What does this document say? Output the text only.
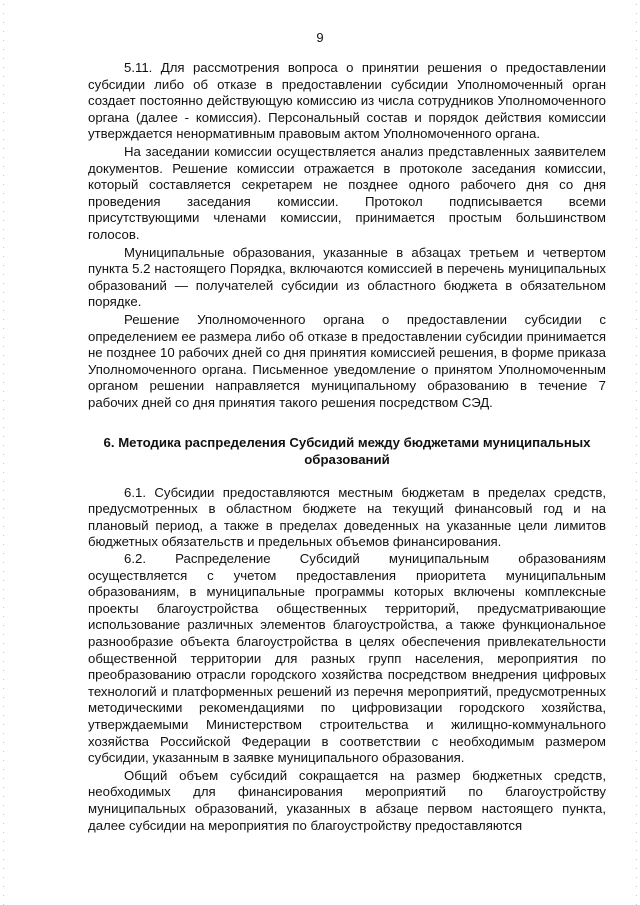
9

5.11. Для рассмотрения вопроса о принятии решения о предоставлении субсидии либо об отказе в предоставлении субсидии Уполномоченный орган создает постоянно действующую комиссию из числа сотрудников Уполномоченного органа (далее - комиссия). Персональный состав и порядок действия комиссии утверждается ненормативным правовым актом Уполномоченного органа.

На заседании комиссии осуществляется анализ представленных заявителем документов. Решение комиссии отражается в протоколе заседания комиссии, который составляется секретарем не позднее одного рабочего дня со дня проведения заседания комиссии. Протокол подписывается всеми присутствующими членами комиссии, принимается простым большинством голосов.

Муниципальные образования, указанные в абзацах третьем и четвертом пункта 5.2 настоящего Порядка, включаются комиссией в перечень муниципальных образований — получателей субсидии из областного бюджета в обязательном порядке.

Решение Уполномоченного органа о предоставлении субсидии с определением ее размера либо об отказе в предоставлении субсидии принимается не позднее 10 рабочих дней со дня принятия комиссией решения, в форме приказа Уполномоченного органа. Письменное уведомление о принятом Уполномоченным органом решении направляется муниципальному образованию в течение 7 рабочих дней со дня принятия такого решения посредством СЭД.

6. Методика распределения Субсидий между бюджетами муниципальных образований

6.1. Субсидии предоставляются местным бюджетам в пределах средств, предусмотренных в областном бюджете на текущий финансовый год и на плановый период, а также в пределах доведенных на указанные цели лимитов бюджетных обязательств и предельных объемов финансирования.

6.2. Распределение Субсидий муниципальным образованиям осуществляется с учетом предоставления приоритета муниципальным образованиям, в муниципальные программы которых включены комплексные проекты благоустройства общественных территорий, предусматривающие использование различных элементов благоустройства, а также функциональное разнообразие объекта благоустройства в целях обеспечения привлекательности общественной территории для разных групп населения, мероприятия по преобразованию отрасли городского хозяйства посредством внедрения цифровых технологий и платформенных решений из перечня мероприятий, предусмотренных методическими рекомендациями по цифровизации городского хозяйства, утверждаемыми Министерством строительства и жилищно-коммунального хозяйства Российской Федерации в соответствии с необходимым размером субсидии, указанным в заявке муниципального образования.

Общий объем субсидий сокращается на размер бюджетных средств, необходимых для финансирования мероприятий по благоустройству муниципальных образований, указанных в абзаце первом настоящего пункта, далее субсидии на мероприятия по благоустройству предоставляются
